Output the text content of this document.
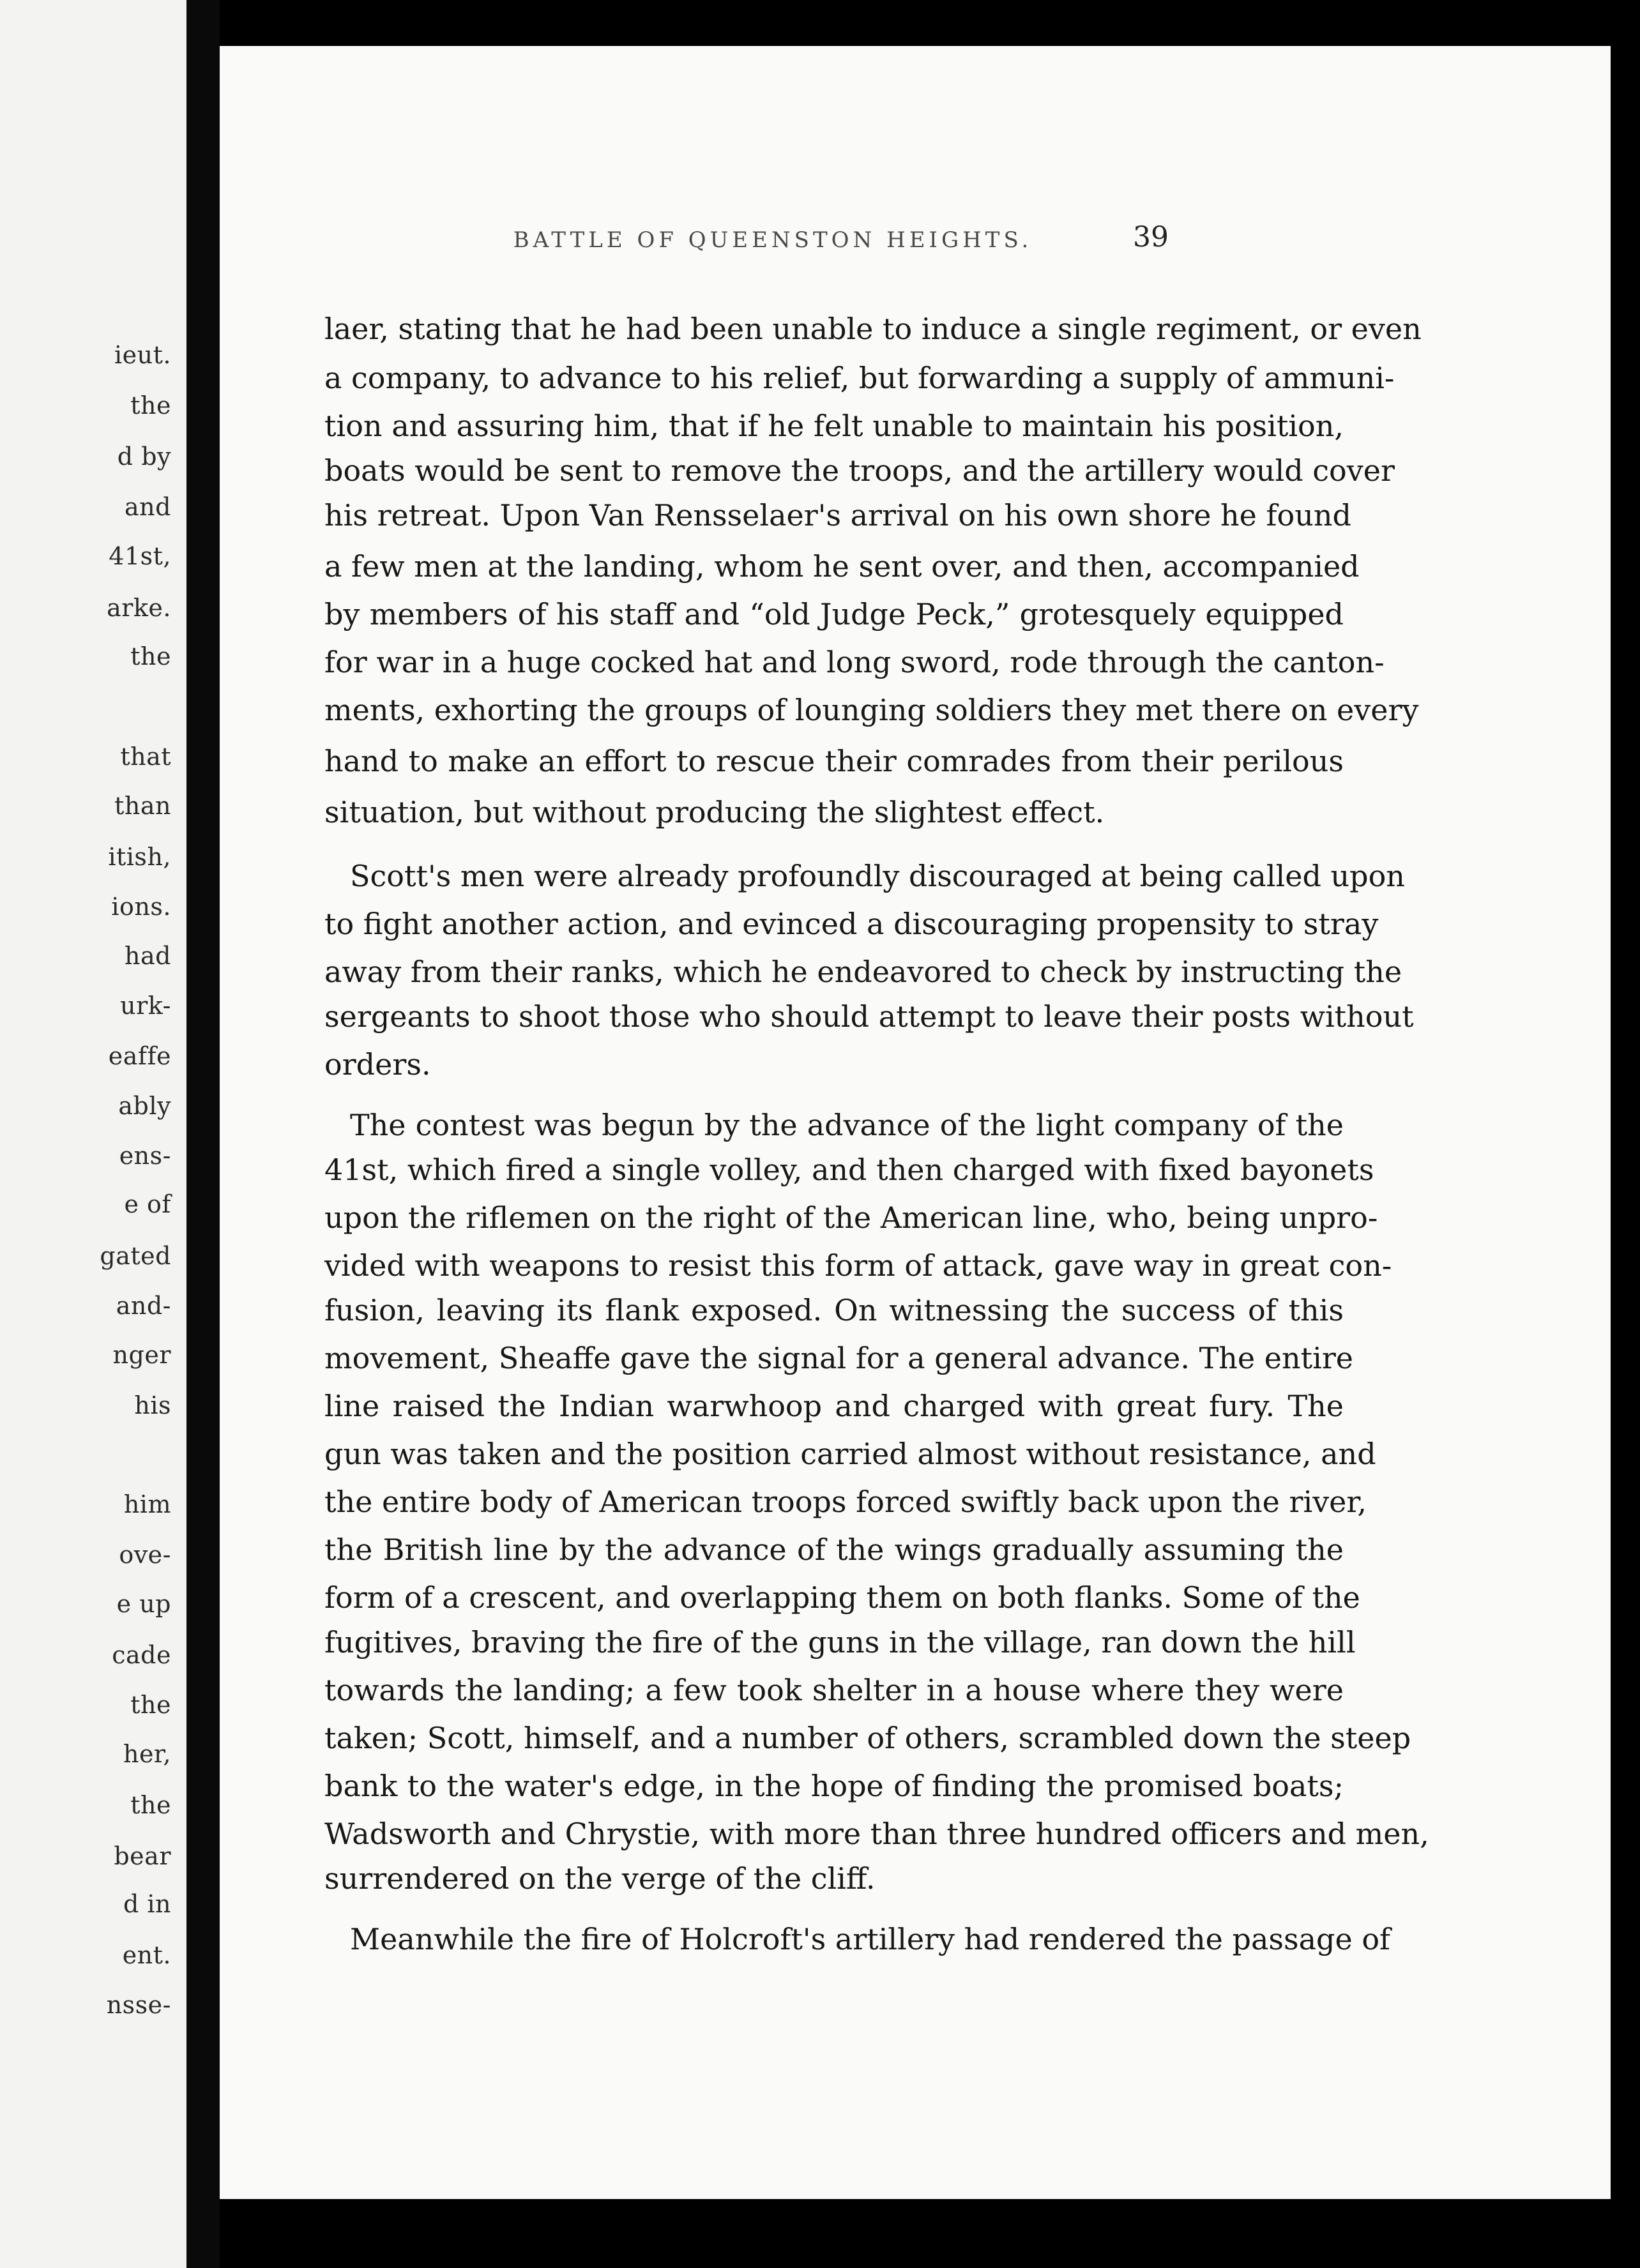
ieut.
the
d by
and
41st,
arke.
the
that
than
itish,
ions.
had
urk-
eaffe
ably
ens-
e of
gated
and-
nger
his
him
ove-
e up
cade
the
her,
the
bear
d in
ent.
nsse-
BATTLE OF QUEENSTON HEIGHTS.	39
laer, stating that he had been unable to induce a single regiment, or even
a company, to advance to his relief, but forwarding a supply of ammuni-
tion and assuring him, that if he felt unable to maintain his position,
boats would be sent to remove the troops, and the artillery would cover
his retreat. Upon Van Rensselaer's arrival on his own shore he found
a few men at the landing, whom he sent over, and then, accompanied
by members of his staff and “old Judge Peck,” grotesquely equipped
for war in a huge cocked hat and long sword, rode through the canton-
ments, exhorting the groups of lounging soldiers they met there on every
hand to make an effort to rescue their comrades from their perilous
situation, but without producing the slightest effect.
Scott's men were already profoundly discouraged at being called upon
to fight another action, and evinced a discouraging propensity to stray
away from their ranks, which he endeavored to check by instructing the
sergeants to shoot those who should attempt to leave their posts without
orders.
The contest was begun by the advance of the light company of the
41st, which fired a single volley, and then charged with fixed bayonets
upon the riflemen on the right of the American line, who, being unpro-
vided with weapons to resist this form of attack, gave way in great con-
fusion, leaving its flank exposed. On witnessing the success of this
movement, Sheaffe gave the signal for a general advance. The entire
line raised the Indian warwhoop and charged with great fury. The
gun was taken and the position carried almost without resistance, and
the entire body of American troops forced swiftly back upon the river,
the British line by the advance of the wings gradually assuming the
form of a crescent, and overlapping them on both flanks. Some of the
fugitives, braving the fire of the guns in the village, ran down the hill
towards the landing; a few took shelter in a house where they were
taken; Scott, himself, and a number of others, scrambled down the steep
bank to the water's edge, in the hope of finding the promised boats;
Wadsworth and Chrystie, with more than three hundred officers and men,
surrendered on the verge of the cliff.
Meanwhile the fire of Holcroft's artillery had rendered the passage of
